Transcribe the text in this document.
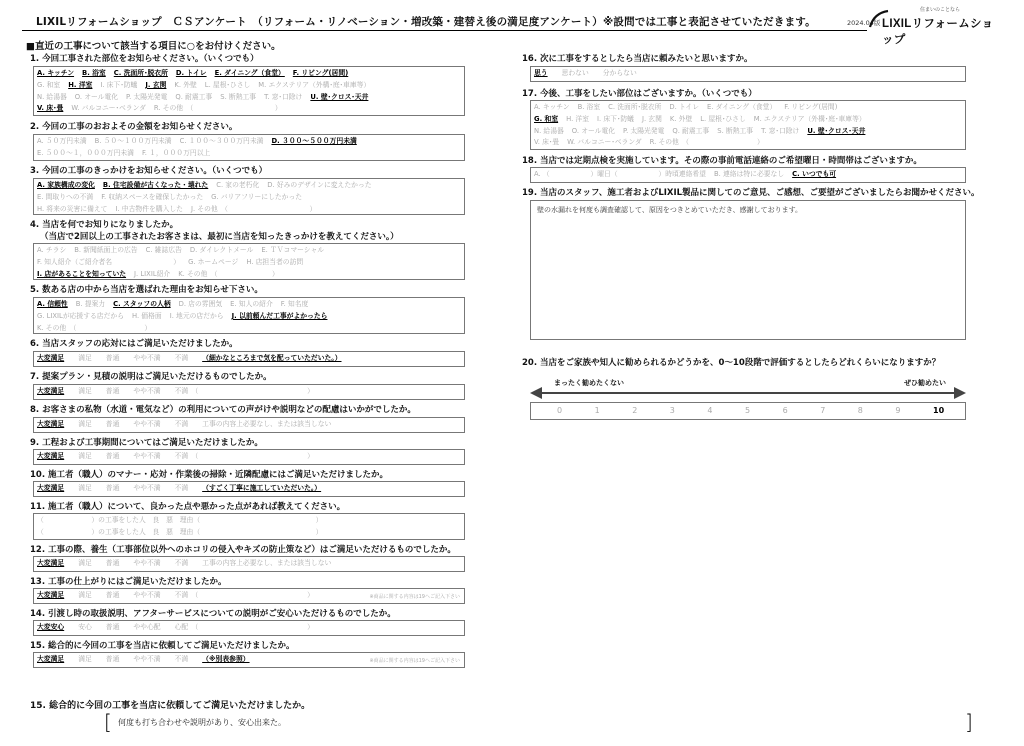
LIXILリフォームショップ　ＣＳアンケート　（リフォーム・リノベーション・増改築・建替え後の満足度アンケート）※設問では工事と表記させていただきます。	2024.04版
住まいのことなら
LIXILリフォームショップ
■直近の工事について該当する項目に○をお付けください。
1. 今回工事された部位をお知らせください。（いくつでも）
A. キッチン B. 浴室 C. 洗面所･脱衣所 D. トイレ E. ダイニング（食堂） F. リビング(居間)
G. 和室 H. 洋室 I. 床下･防蟻 J. 玄関 K. 外壁 L. 屋根･ひさし M. エクステリア（外構･庭･車庫等）
N. 給湯器 O. オール電化 P. 太陽光発電 Q. 耐震工事 S. 断熱工事 T. 窓･口除け U. 壁･クロス･天井
V. 床･畳 W. バルコニー･ベランダ R. その他　（　　　　　　　　　　　　）
2. 今回の工事のおおよその金額をお知らせください。
A. ５０万円未満 B. ５０～１００万円未満 C. １００～３００万円未満 D. ３００～５００万円未満
E. ５００～１，０００万円未満 F. １，０００万円以上
3. 今回の工事のきっかけをお知らせください。（いくつでも）
A. 家族構成の変化 B. 住宅設備が古くなった・壊れた C. 家の老朽化 D. 好みのデザインに変えたかった
E. 間取りへの不満 F. 収納スペースを確保したかった G. バリアフリーにしたかった
H. 将来の災害に備えて I. 中古物件を購入した J. その他　（　　　　　　　　　　　　）
4. 当店を何でお知りになりましたか。
（当店で2回以上の工事されたお客さまは、最初に当店を知ったきっかけを教えてください。）
A. チラシ B. 新聞紙面上の広告 C. 雑誌広告 D. ダイレクトメール E. ＴＶコマーシャル
F. 知人紹介（ご紹介者名　　　　　　　　　） G. ホームページ H. 店担当者の訪問
I. 店があることを知っていた J. LIXIL紹介 K. その他　（　　　　　　　　）
5. 数ある店の中から当店を選ばれた理由をお知らせ下さい。
A. 信頼性 B. 提案力 C. スタッフの人柄 D. 店の雰囲気 E. 知人の紹介 F. 知名度
G. LIXILが応援する店だから H. 価格面 I. 地元の店だから J. 以前頼んだ工事がよかったら
K. その他　（　　　　　　　　　　）
6. 当店スタッフの応対にはご満足いただけましたか。
大変満足 満足 普通 やや不満 不満 （細かなところまで気を配っていただいた。）
7. 提案プラン・見積の説明はご満足いただけるものでしたか。
大変満足 満足 普通 やや不満 不満　（　　　　　　　　　　　　　　　　）
8. お客さまの私物（水道・電気など）の利用についての声がけや説明などの配慮はいかがでしたか。
大変満足 満足 普通 やや不満 不満 工事の内容上必要なし、または該当しない
9. 工程および工事期間についてはご満足いただけましたか。
大変満足 満足 普通 やや不満 不満　（　　　　　　　　　　　　　　　　）
10. 施工者（職人）のマナー・応対・作業後の掃除・近隣配慮にはご満足いただけましたか。
大変満足 満足 普通 やや不満 不満 （すごく丁寧に施工していただいた。）
11. 施工者（職人）について、良かった点や悪かった点があれば教えてください。
（　　　　　　　）の工事をした人　良　悪　理由（　　　　　　　　　　　　　　　　　）
（　　　　　　　）の工事をした人　良　悪　理由（　　　　　　　　　　　　　　　　　）
12. 工事の際、養生（工事部位以外へのホコリの侵入やキズの防止策など）はご満足いただけるものでしたか。
大変満足 満足 普通 やや不満 不満 工事の内容上必要なし、または該当しない
13. 工事の仕上がりにはご満足いただけましたか。
大変満足 満足 普通 やや不満 不満　（　　　　　　　　　　　　　　　　）	※商品に関する内容は19へご記入下さい
14. 引渡し時の取扱説明、アフターサービスについての説明がご安心いただけるものでしたか。
大変安心 安心 普通 やや心配 心配　（　　　　　　　　　　　　　　　　）
15. 総合的に今回の工事を当店に依頼してご満足いただけましたか。
大変満足 満足 普通 やや不満 不満 （※別表参照）	※商品に関する内容は19へご記入下さい
16. 次に工事をするとしたら当店に頼みたいと思いますか。
思う 思わない 分からない
17. 今後、工事をしたい部位はございますか。（いくつでも）
A. キッチン B. 浴室 C. 洗面所･脱衣所 D. トイレ E. ダイニング（食堂） F. リビング(居間)
G. 和室 H. 洋室 I. 床下･防蟻 J. 玄関 K. 外壁 L. 屋根･ひさし M. エクステリア（外構･庭･車庫等）
N. 給湯器 O. オール電化 P. 太陽光発電 Q. 耐震工事 S. 断熱工事 T. 窓･口除け U. 壁･クロス･天井
V. 床･畳 W. バルコニー･ベランダ R. その他　（　　　　　　　　　　）
18. 当店では定期点検を実施しています。その際の事前電話連絡のご希望曜日・時間帯はございますか。
A. （　　　　　　）曜日（　　　　　　）時頃連絡希望 B. 連絡は特に必要なし C. いつでも可
19. 当店のスタッフ、施工者およびLIXIL製品に関してのご意見、ご感想、ご要望がございましたらお聞かせください。
壁の水漏れを何度も調査確認して、原因をつきとめていただき、感謝しております。
20. 当店をご家族や知人に勧められるかどうかを、0～10段階で評価するとしたらどれくらいになりますか？
まったく勧めたくない	ぜひ勧めたい
0	1	2	3	4	5	6	7	8	9	10
15. 総合的に今回の工事を当店に依頼してご満足いただけましたか。
[ 何度も打ち合わせや説明があり、安心出来た。	]
